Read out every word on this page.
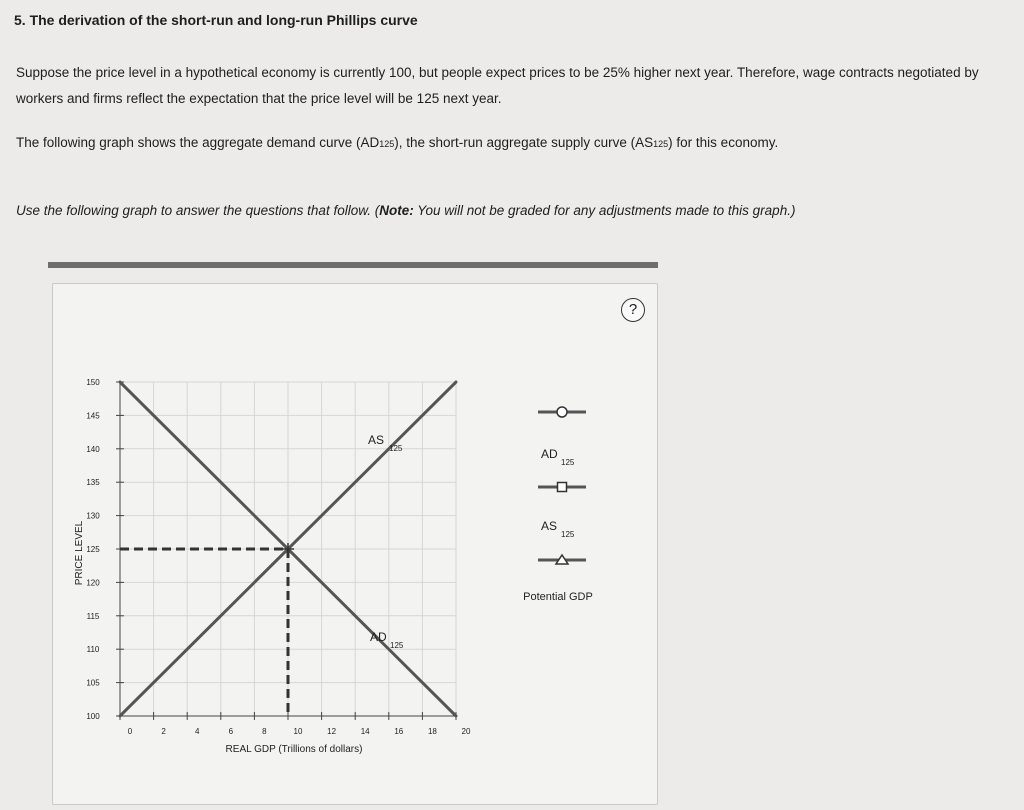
5. The derivation of the short-run and long-run Phillips curve
Suppose the price level in a hypothetical economy is currently 100, but people expect prices to be 25% higher next year. Therefore, wage contracts negotiated by workers and firms reflect the expectation that the price level will be 125 next year.
The following graph shows the aggregate demand curve (AD125), the short-run aggregate supply curve (AS125) for this economy.
Use the following graph to answer the questions that follow. (Note: You will not be graded for any adjustments made to this graph.)
?
100
105
110
115
120
125
130
135
140
145
150
0	2	4	6	8	10	12	14	16	18	20
REAL GDP (Trillions of dollars)
PRICE LEVEL
AS
125
AD
125
AD
125
AS
125
Potential GDP
